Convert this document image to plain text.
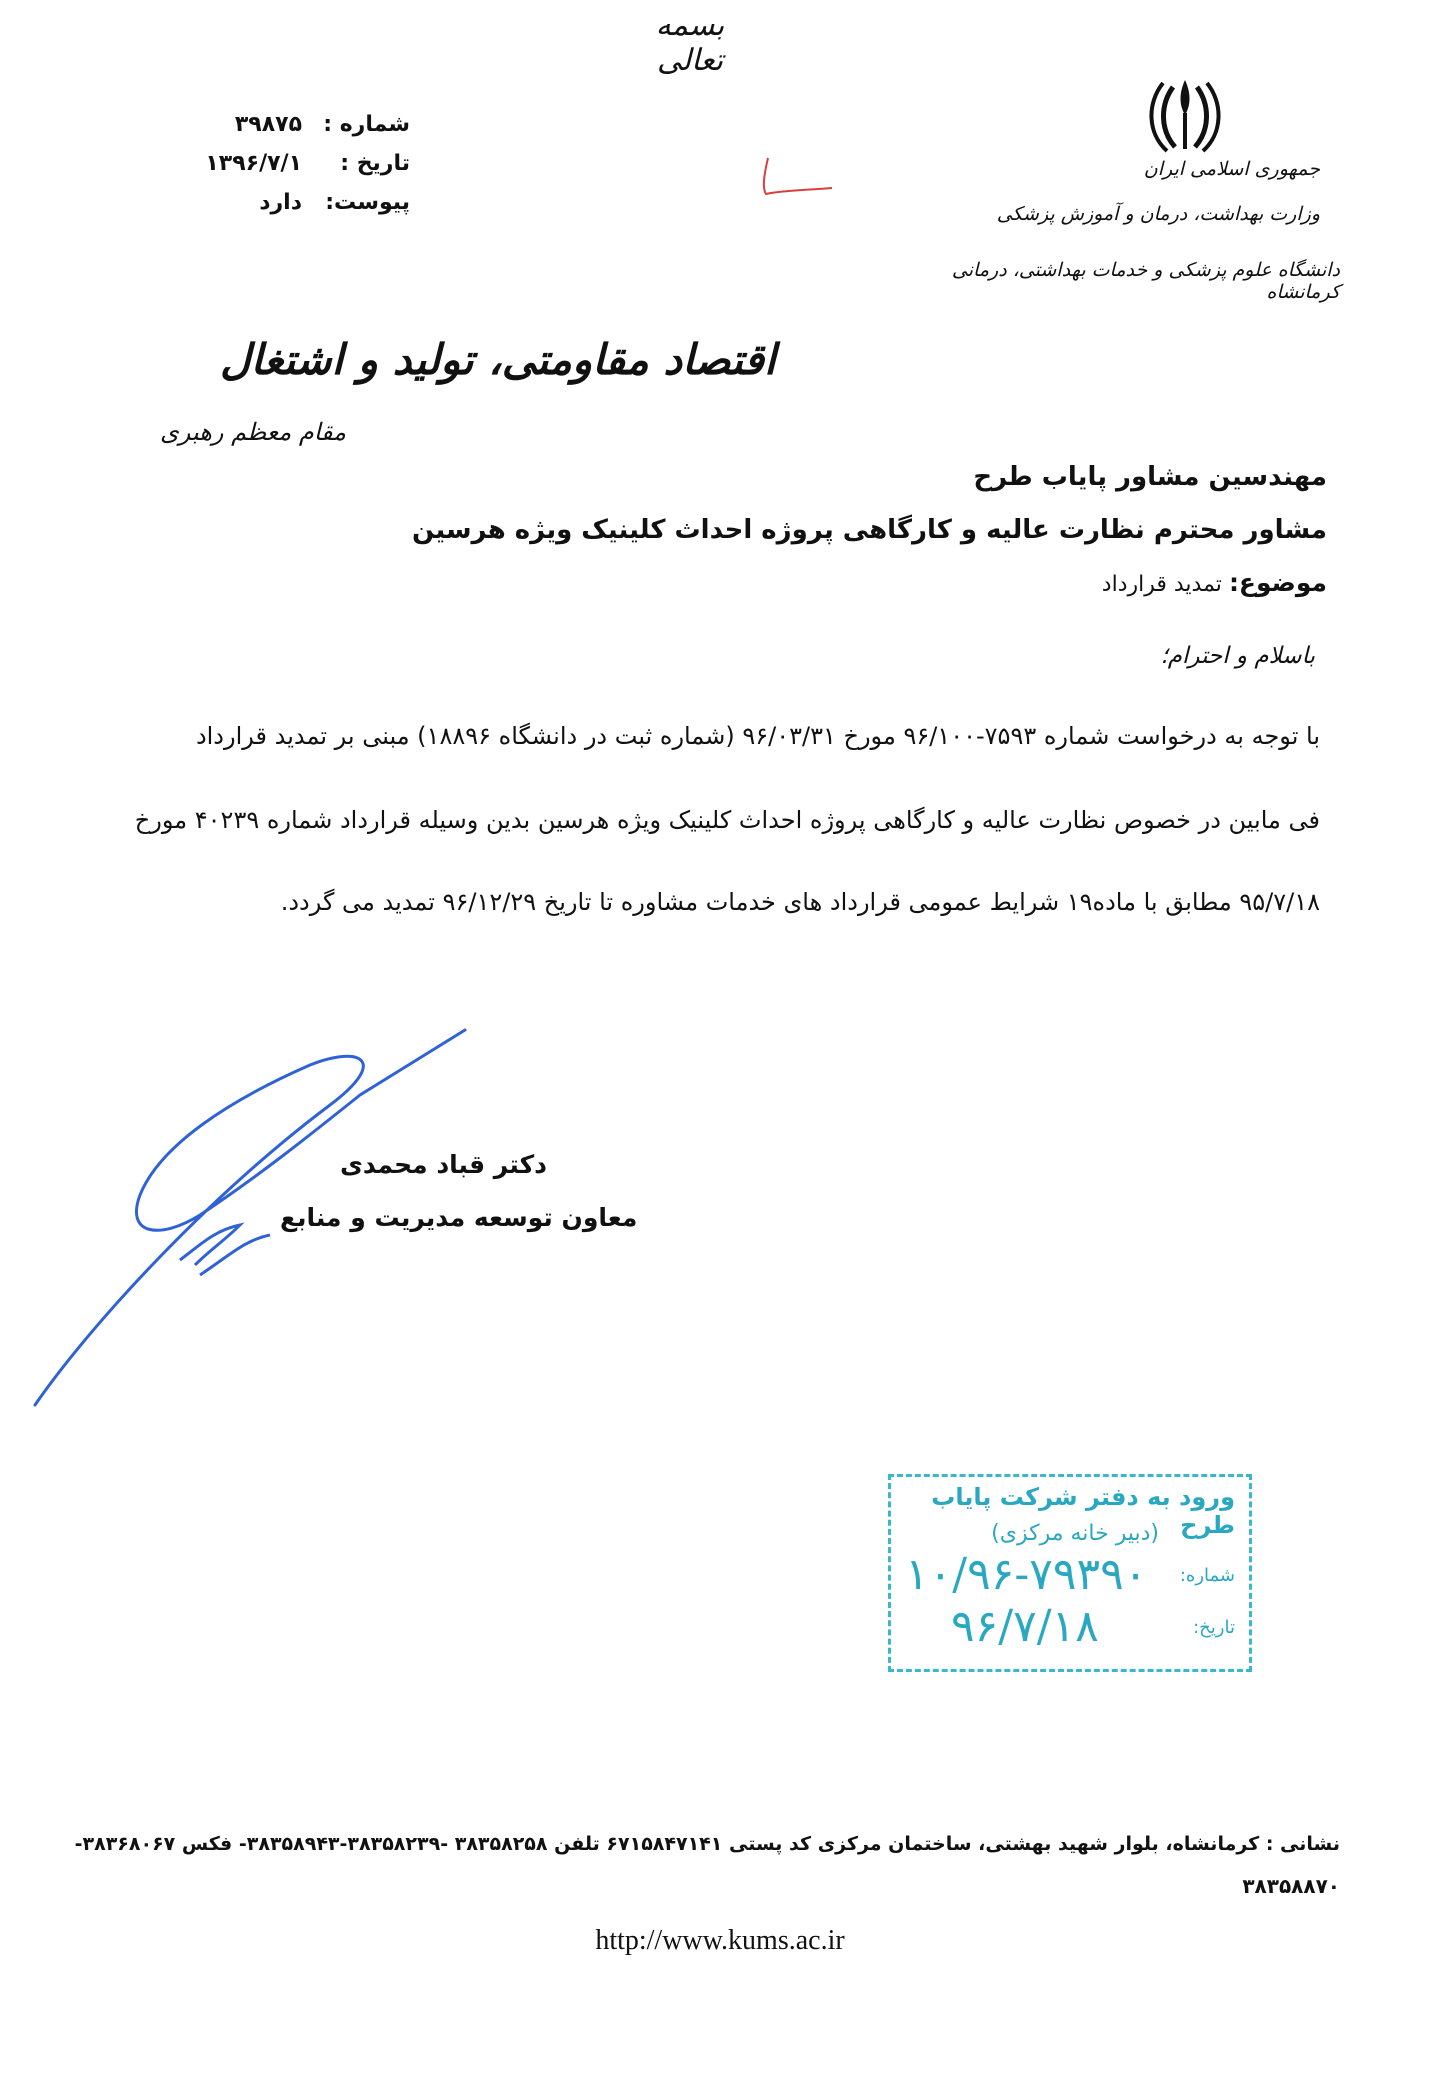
بسمه تعالی
جمهوری اسلامی ایران
وزارت بهداشت، درمان و آموزش پزشکی
دانشگاه علوم پزشکی و خدمات بهداشتی، درمانی کرمانشاه
شماره :
۳۹۸۷۵
تاریخ :
۱۳۹۶/۷/۱
پیوست:
دارد
اقتصاد مقاومتی، تولید و اشتغال
مقام معظم رهبری
مهندسین مشاور پایاب طرح
مشاور محترم نظارت عالیه و کارگاهی پروژه احداث کلینیک ویژه هرسین
موضوع: تمدید قرارداد
باسلام و احترام؛
با توجه به درخواست شماره ۷۵۹۳-۹۶/۱۰۰ مورخ ۹۶/۰۳/۳۱ (شماره ثبت در دانشگاه ۱۸۸۹۶) مبنی بر تمدید قرارداد
فی مابین در خصوص نظارت عالیه و کارگاهی پروژه احداث کلینیک ویژه هرسین بدین وسیله قرارداد شماره ۴۰۲۳۹ مورخ
۹۵/۷/۱۸ مطابق با ماده۱۹ شرایط عمومی قرارداد های خدمات مشاوره تا تاریخ ۹۶/۱۲/۲۹ تمدید می گردد.
دکتر قباد محمدی
معاون توسعه مدیریت و منابع
ورود به دفتر شرکت پایاب طرح
(دبیر خانه مرکزی)
شماره:
۱۰/۹۶-۷۹۳۹۰
تاریخ:
۹۶/۷/۱۸
نشانی : کرمانشاه، بلوار شهید بهشتی، ساختمان مرکزی کد پستی ۶۷۱۵۸۴۷۱۴۱ تلفن ۳۸۳۵۸۲۵۸ -۳۸۳۵۸۲۳۹-۳۸۳۵۸۹۴۳- فکس ۳۸۳۶۸۰۶۷-
۳۸۳۵۸۸۷۰
http://www.kums.ac.ir
